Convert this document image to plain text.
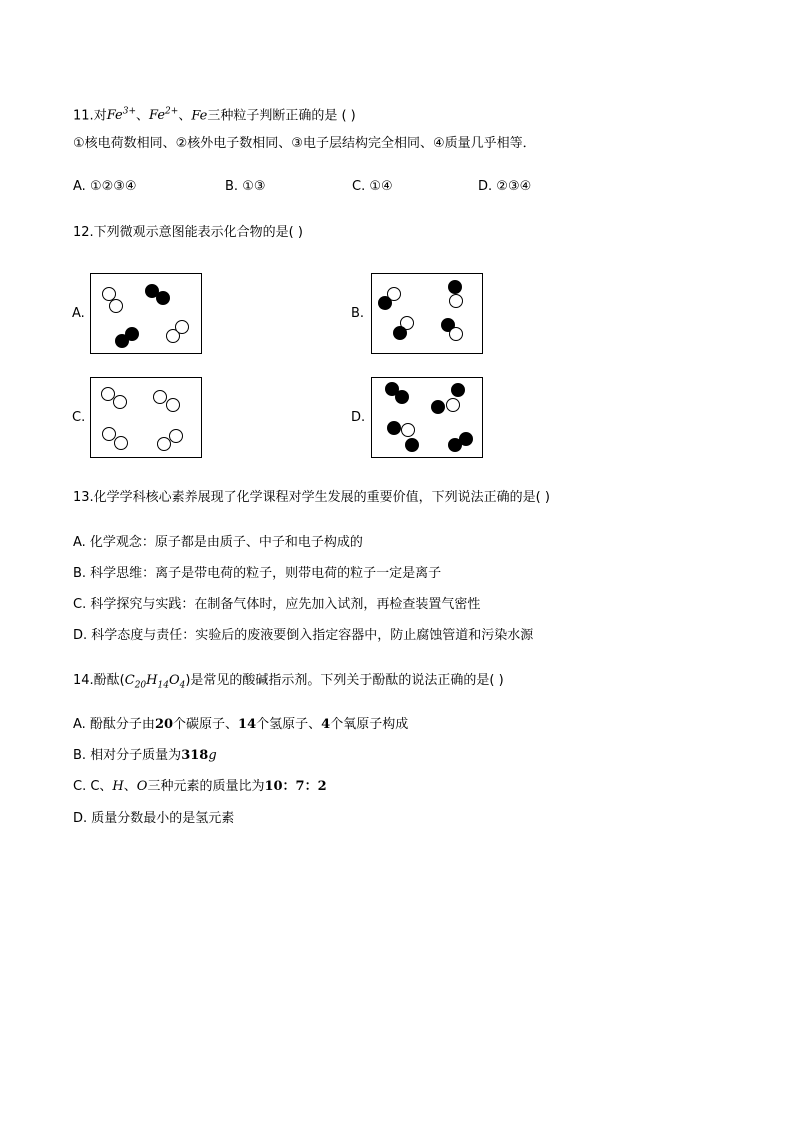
11.对$Fe^{3+}$、$Fe^{2+}$、Fe三种粒子判断正确的是 ( )
①核电荷数相同、②核外电子数相同、③电子层结构完全相同、④质量几乎相等．
A. ①②③④	B. ①③	C. ①④	D. ②③④
12.下列微观示意图能表示化合物的是( )
A.	B.
C.	D.
13.化学学科核心素养展现了化学课程对学生发展的重要价值，下列说法正确的是( )
A. 化学观念：原子都是由质子、中子和电子构成的
B. 科学思维：离子是带电荷的粒子，则带电荷的粒子一定是离子
C. 科学探究与实践：在制备气体时，应先加入试剂，再检查装置气密性
D. 科学态度与责任：实验后的废液要倒入指定容器中，防止腐蚀管道和污染水源
14.酚酞$(C_{20}H_{14}O_4)$是常见的酸碱指示剂。下列关于酚酞的说法正确的是( )
A. 酚酞分子由20个碳原子、14个氢原子、4个氧原子构成
B. 相对分子质量为318g
C. C、H、O三种元素的质量比为10：7：2
D. 质量分数最小的是氢元素
